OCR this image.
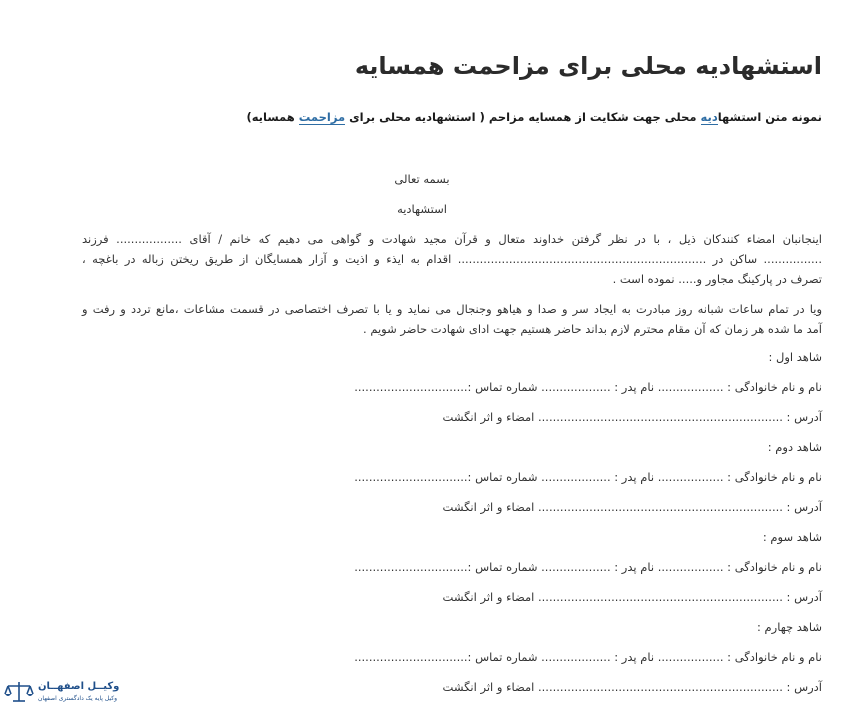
استشهادیه محلی برای مزاحمت همسایه

نمونه متن استشهادیه محلی جهت شکایت از همسایه مزاحم ( استشهادیه محلی برای مزاحمت همسایه)

بسمه تعالی

استشهادیه

اینجانبان امضاء کنندکان ذیل ، با در نظر گرفتن خداوند متعال و قرآن مجید شهادت و گواهی می دهیم که خانم / آقای .................. فرزند

................ ساکن در .................................................................... اقدام به ایذء و اذیت و آزار همسایگان از طریق ریختن زباله در باغچه ،

تصرف در پارکینگ مجاور و..... نموده است .

ویا در تمام ساعات شبانه روز مبادرت به ایجاد سر و صدا و هیاهو وجنجال می نماید و یا با تصرف اختصاصی در قسمت مشاعات ،مانع تردد و رفت و

آمد ما شده هر زمان که آن مقام محترم لازم بداند حاضر هستیم جهت ادای شهادت حاضر شویم .

شاهد اول :

نام و نام خانوادگی : .................. نام پدر : ................... شماره تماس :...............................

آدرس : ................................................................... امضاء و اثر انگشت

شاهد دوم :

نام و نام خانوادگی : .................. نام پدر : ................... شماره تماس :...............................

آدرس : ................................................................... امضاء و اثر انگشت

شاهد سوم :

نام و نام خانوادگی : .................. نام پدر : ................... شماره تماس :...............................

آدرس : ................................................................... امضاء و اثر انگشت

شاهد چهارم :

نام و نام خانوادگی : .................. نام پدر : ................... شماره تماس :...............................

آدرس : ................................................................... امضاء و اثر انگشت

وکیــل اصفهــان
وکیل پایه یک دادگستری اصفهان
